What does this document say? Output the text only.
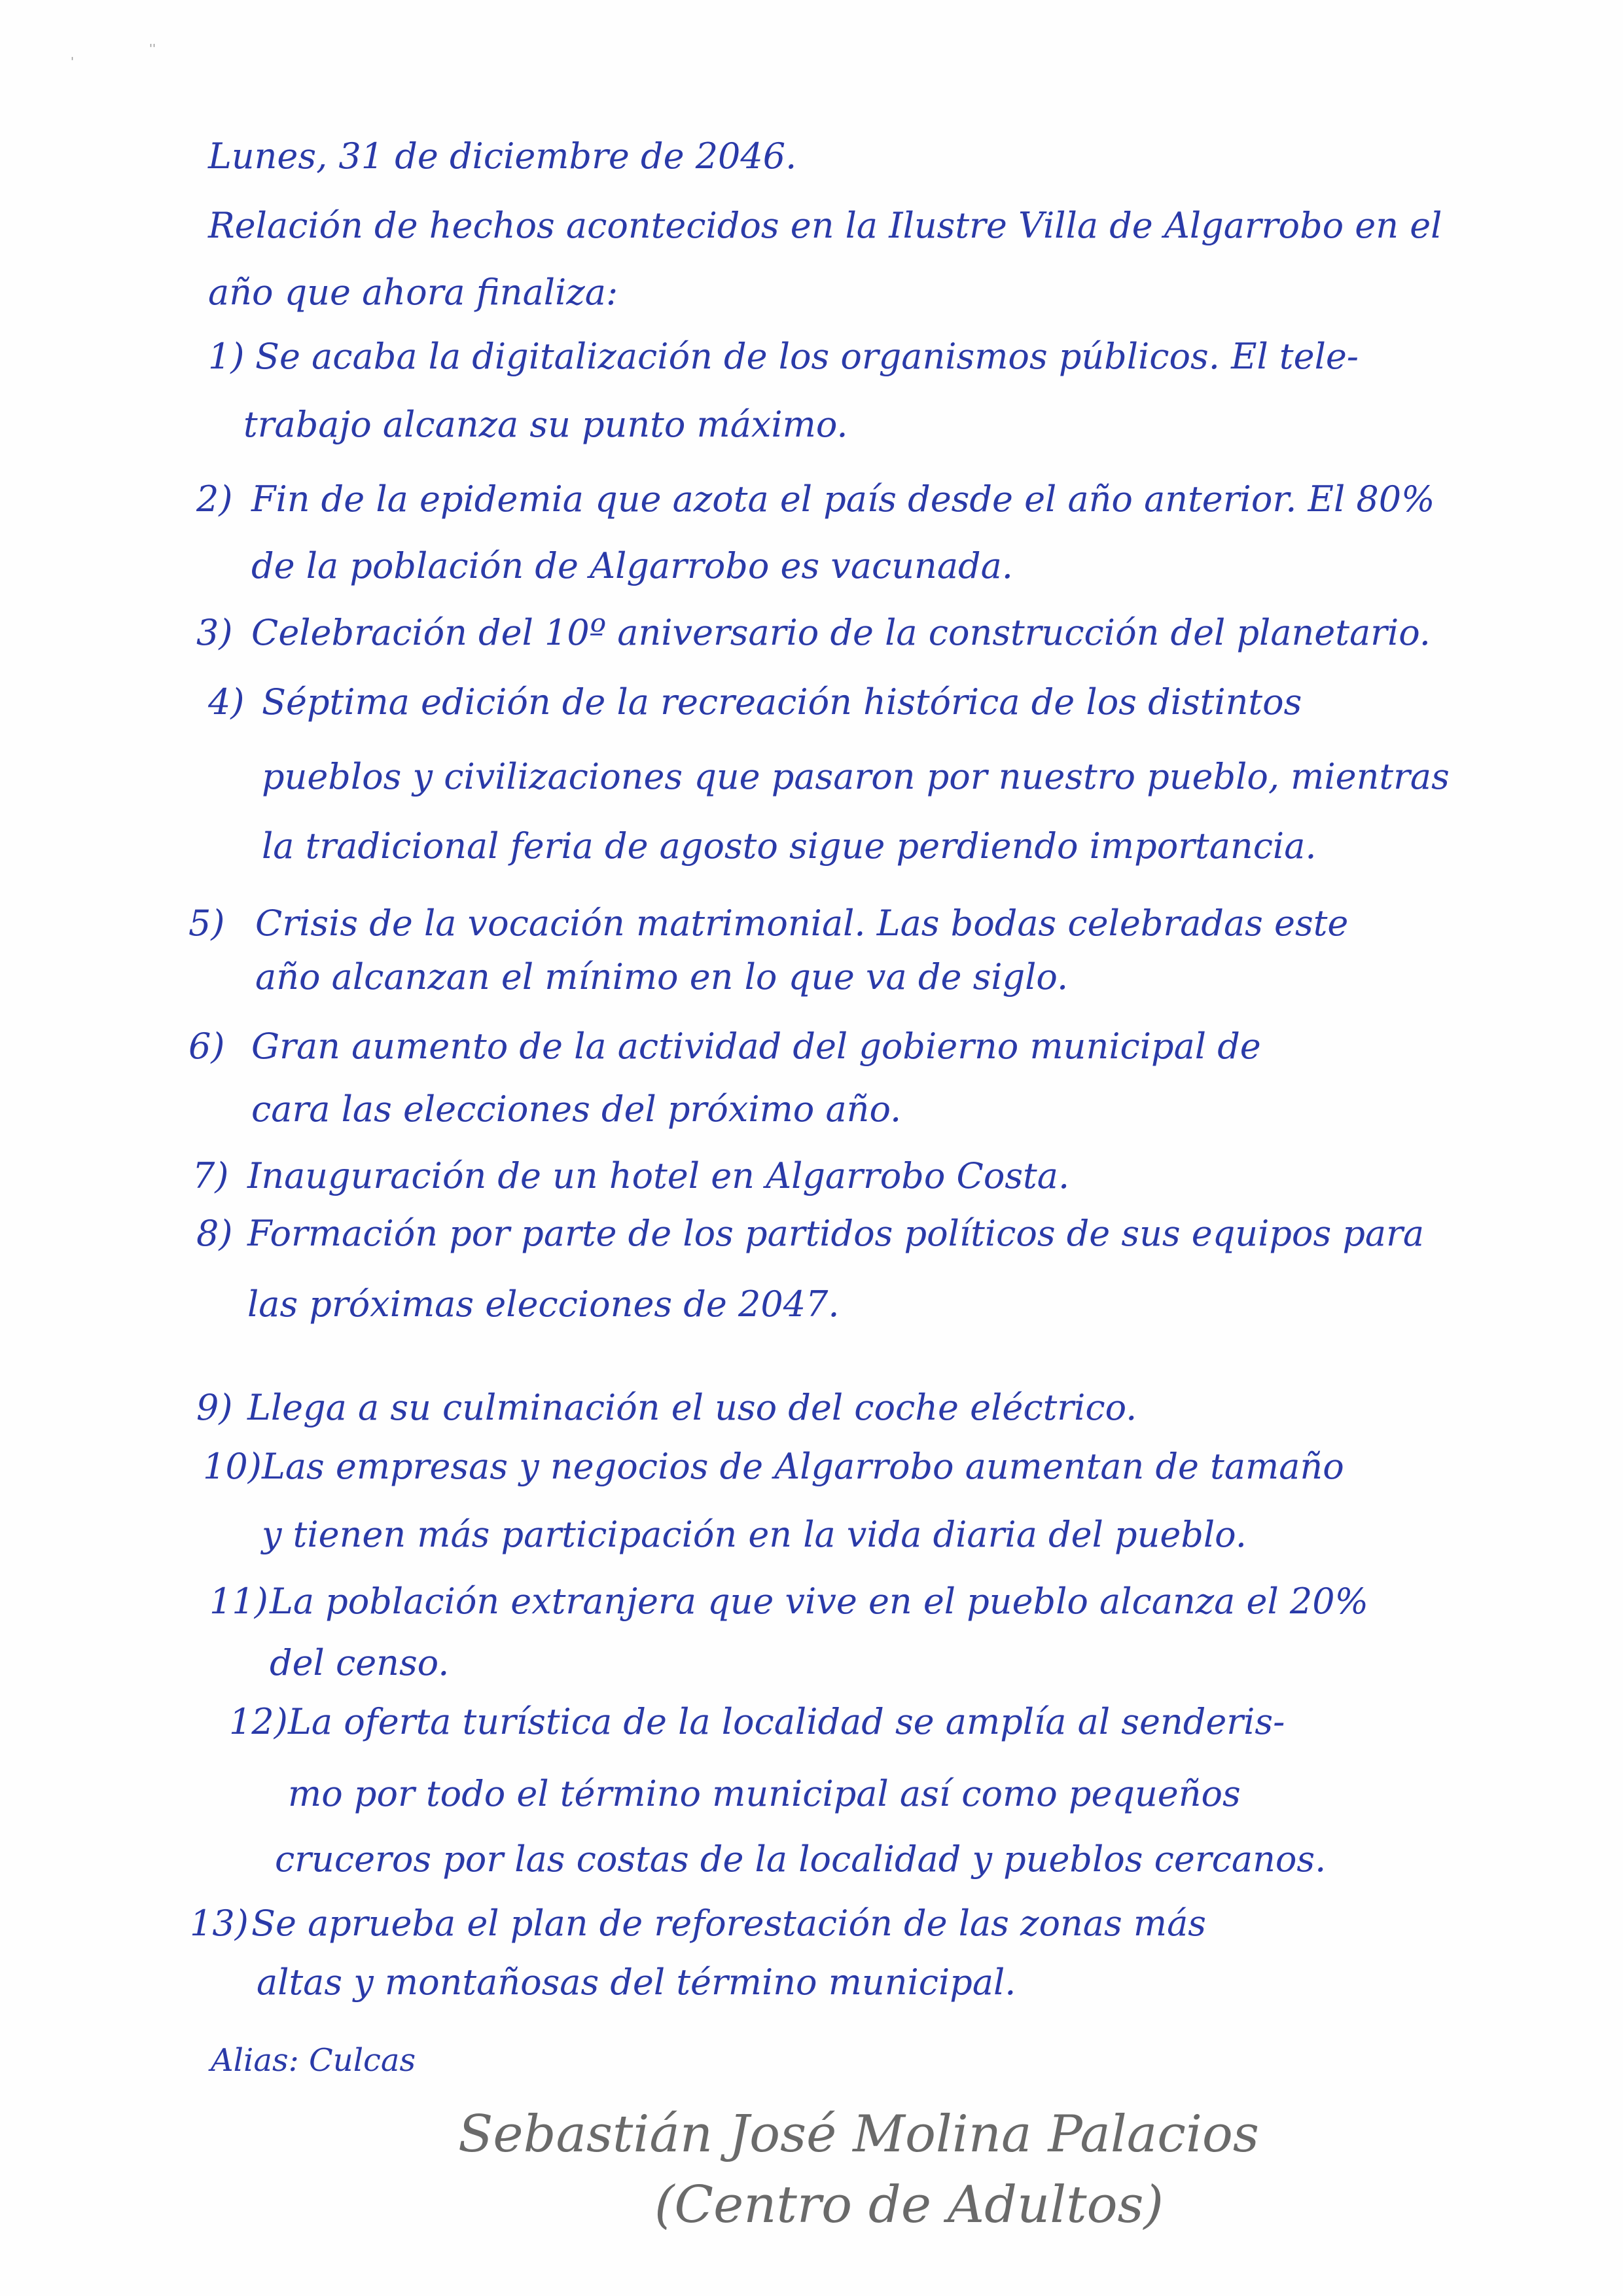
'
''
Lunes, 31 de diciembre de 2046.
Relación de hechos acontecidos en la Ilustre Villa de Algarrobo en el
año que ahora finaliza:
1) Se acaba la digitalización de los organismos públicos. El tele-
trabajo alcanza su punto máximo.
2) Fin de la epidemia que azota el país desde el año anterior. El 80%
de la población de Algarrobo es vacunada.
3) Celebración del 10º aniversario de la construcción del planetario.
4) Séptima edición de la recreación histórica de los distintos
pueblos y civilizaciones que pasaron por nuestro pueblo, mientras
la tradicional feria de agosto sigue perdiendo importancia.
5) Crisis de la vocación matrimonial. Las bodas celebradas este
año alcanzan el mínimo en lo que va de siglo.
6) Gran aumento de la actividad del gobierno municipal de
cara las elecciones del próximo año.
7) Inauguración de un hotel en Algarrobo Costa.
8) Formación por parte de los partidos políticos de sus equipos para
las próximas elecciones de 2047.
9) Llega a su culminación el uso del coche eléctrico.
10) Las empresas y negocios de Algarrobo aumentan de tamaño
y tienen más participación en la vida diaria del pueblo.
11) La población extranjera que vive en el pueblo alcanza el 20%
del censo.
12) La oferta turística de la localidad se amplía al senderis-
mo por todo el término municipal así como pequeños
cruceros por las costas de la localidad y pueblos cercanos.
13) Se aprueba el plan de reforestación de las zonas más
altas y montañosas del término municipal.
Alias: Culcas
Sebastián José Molina Palacios
(Centro de Adultos)
